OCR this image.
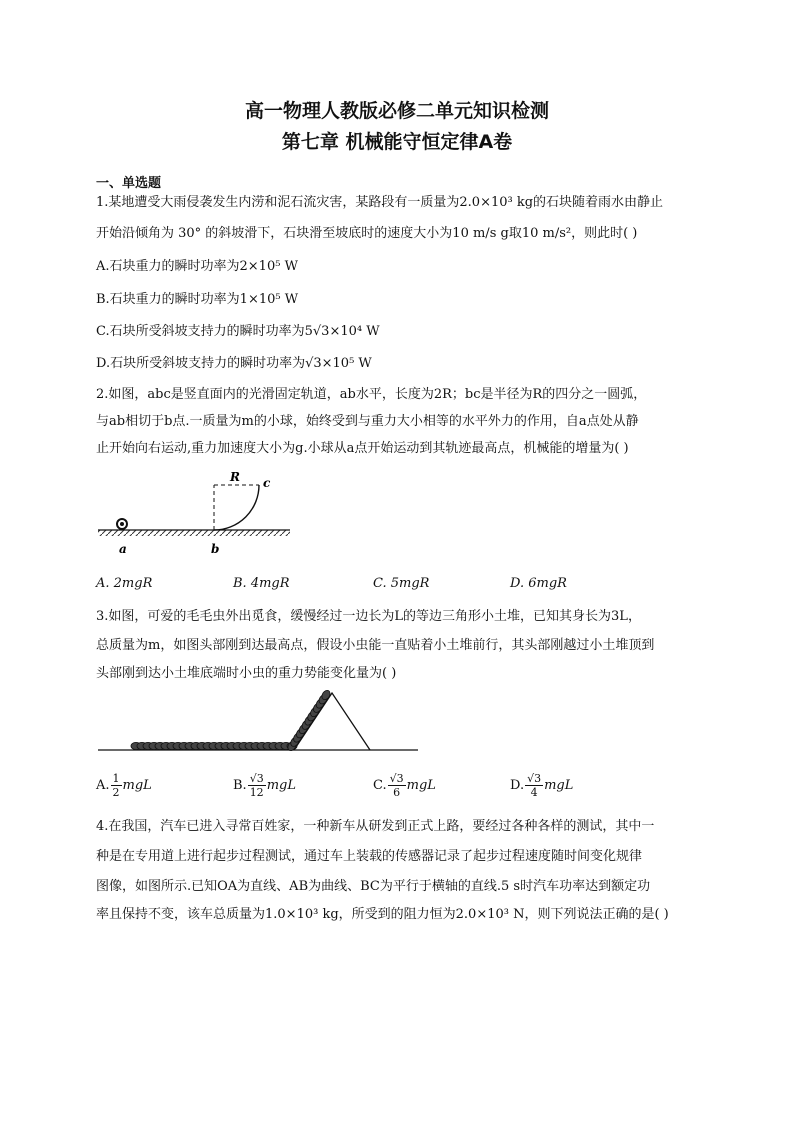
高一物理人教版必修二单元知识检测
第七章 机械能守恒定律A卷
一、单选题
1.某地遭受大雨侵袭发生内涝和泥石流灾害，某路段有一质量为2.0×10³ kg的石块随着雨水由静止
开始沿倾角为 30° 的斜坡滑下，石块滑至坡底时的速度大小为10 m/s g取10 m/s²，则此时( )
A.石块重力的瞬时功率为2×10⁵ W
B.石块重力的瞬时功率为1×10⁵ W
C.石块所受斜坡支持力的瞬时功率为5√3×10⁴ W
D.石块所受斜坡支持力的瞬时功率为√3×10⁵ W
2.如图，abc是竖直面内的光滑固定轨道，ab水平，长度为2R；bc是半径为R的四分之一圆弧，
与ab相切于b点.一质量为m的小球，始终受到与重力大小相等的水平外力的作用，自a点处从静
止开始向右运动,重力加速度大小为g.小球从a点开始运动到其轨迹最高点，机械能的增量为( )
R c
a	b
A. 2mgR	B. 4mgR	C. 5mgR	D. 6mgR
3.如图，可爱的毛毛虫外出觅食，缓慢经过一边长为L的等边三角形小土堆，已知其身长为3L，
总质量为m，如图头部刚到达最高点，假设小虫能一直贴着小土堆前行，其头部刚越过小土堆顶到
头部刚到达小土堆底端时小虫的重力势能变化量为( )
A. 1
2 mgL	B. √3
12 mgL	C. √3
6 mgL	D. √3
4 mgL
4.在我国，汽车已进入寻常百姓家，一种新车从研发到正式上路，要经过各种各样的测试，其中一
种是在专用道上进行起步过程测试，通过车上装载的传感器记录了起步过程速度随时间变化规律
图像，如图所示.已知OA为直线、AB为曲线、BC为平行于横轴的直线.5 s时汽车功率达到额定功
率且保持不变，该车总质量为1.0×10³ kg，所受到的阻力恒为2.0×10³ N，则下列说法正确的是( )
